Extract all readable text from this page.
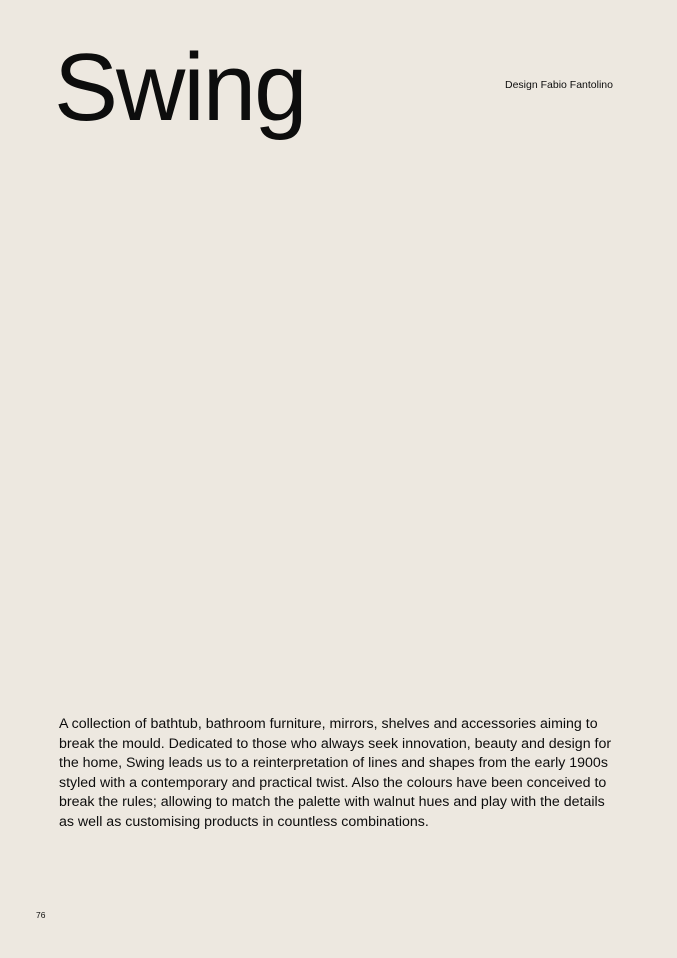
Swing	Design Fabio Fantolino

A collection of bathtub, bathroom furniture, mirrors, shelves and accessories aiming to break the mould. Dedicated to those who always seek innovation, beauty and design for the home, Swing leads us to a reinterpretation of lines and shapes from the early 1900s styled with a contemporary and practical twist. Also the colours have been conceived to break the rules; allowing to match the palette with walnut hues and play with the details as well as customising products in countless combinations.

76
